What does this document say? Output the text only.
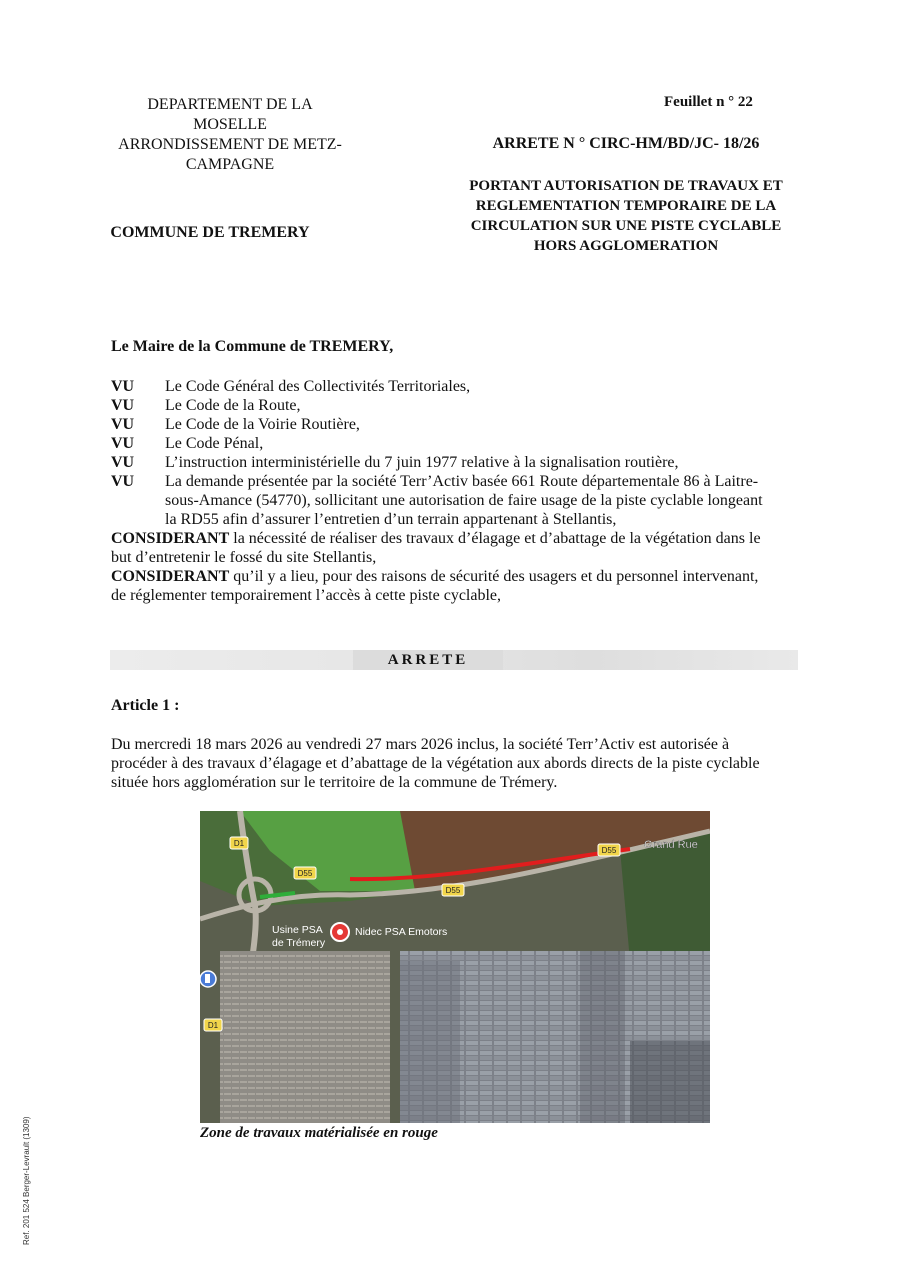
DEPARTEMENT DE LA
MOSELLE
ARRONDISSEMENT DE METZ-
CAMPAGNE
COMMUNE DE TREMERY
Feuillet n ° 22
ARRETE N ° CIRC-HM/BD/JC- 18/26
PORTANT AUTORISATION DE TRAVAUX ET
REGLEMENTATION TEMPORAIRE DE LA
CIRCULATION SUR UNE PISTE CYCLABLE
HORS AGGLOMERATION
Le Maire de la Commune de TREMERY,
VU Le Code Général des Collectivités Territoriales,
VU Le Code de la Route,
VU Le Code de la Voirie Routière,
VU Le Code Pénal,
VU L’instruction interministérielle du 7 juin 1977 relative à la signalisation routière,
VU La demande présentée par la société Terr’Activ basée 661 Route départementale 86 à Laitre-
sous-Amance (54770), sollicitant une autorisation de faire usage de la piste cyclable longeant
la RD55 afin d’assurer l’entretien d’un terrain appartenant à Stellantis,
CONSIDERANT la nécessité de réaliser des travaux d’élagage et d’abattage de la végétation dans le
but d’entretenir le fossé du site Stellantis,
CONSIDERANT qu’il y a lieu, pour des raisons de sécurité des usagers et du personnel intervenant,
de réglementer temporairement l’accès à cette piste cyclable,
ARRETE
Article 1 :
Du mercredi 18 mars 2026 au vendredi 27 mars 2026 inclus, la société Terr’Activ est autorisée à
procéder à des travaux d’élagage et d’abattage de la végétation aux abords directs de la piste cyclable
située hors agglomération sur le territoire de la commune de Trémery.
D1
D1
D55
D55
D55	Grand Rue
Usine PSA
de Trémery
Nidec PSA Emotors
Zone de travaux matérialisée en rouge
Ref. 201 524 Berger-Levrault (1309)
